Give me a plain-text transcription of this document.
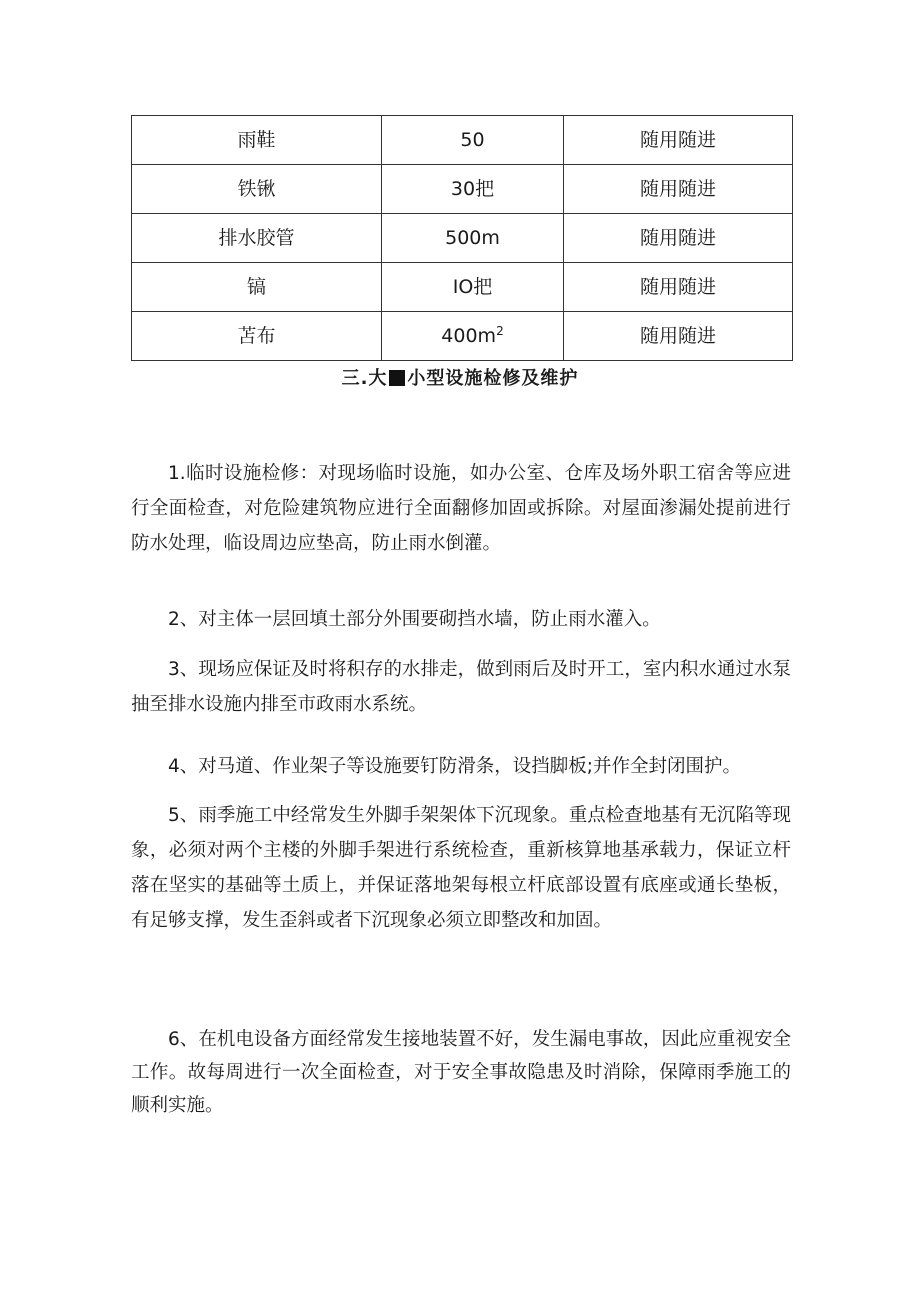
雨鞋	50	随用随进
铁锹	30把	随用随进
排水胶管	500m	随用随进
镐	IO把	随用随进
苫布	$400m^2$	随用随进
三.大 小型设施检修及维护

1.临时设施检修：对现场临时设施，如办公室、仓库及场外职工宿舍等应进行全面检查，对危险建筑物应进行全面翻修加固或拆除。对屋面渗漏处提前进行防水处理，临设周边应垫高，防止雨水倒灌。

2、对主体一层回填土部分外围要砌挡水墙，防止雨水灌入。

3、现场应保证及时将积存的水排走，做到雨后及时开工，室内积水通过水泵抽至排水设施内排至市政雨水系统。

4、对马道、作业架子等设施要钉防滑条，设挡脚板;并作全封闭围护。

5、雨季施工中经常发生外脚手架架体下沉现象。重点检查地基有无沉陷等现象，必须对两个主楼的外脚手架进行系统检查，重新核算地基承载力，保证立杆落在坚实的基础等土质上，并保证落地架每根立杆底部设置有底座或通长垫板，有足够支撑，发生歪斜或者下沉现象必须立即整改和加固。

6、在机电设备方面经常发生接地装置不好，发生漏电事故，因此应重视安全工作。故每周进行一次全面检查，对于安全事故隐患及时消除，保障雨季施工的顺利实施。
